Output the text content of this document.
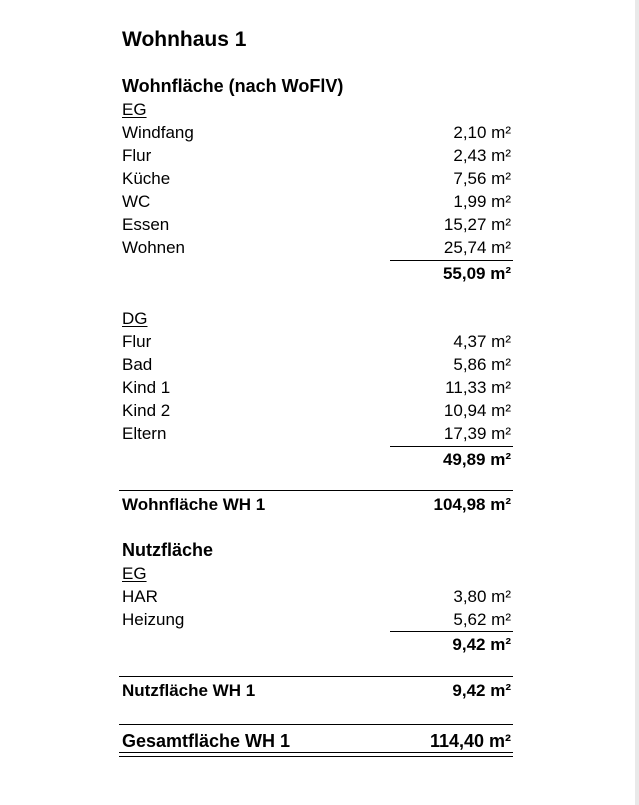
Wohnhaus 1
Wohnfläche (nach WoFlV)
EG
Windfang	2,10 m²
Flur	2,43 m²
Küche	7,56 m²
WC	1,99 m²
Essen	15,27 m²
Wohnen	25,74 m²
55,09 m²
DG
Flur	4,37 m²
Bad	5,86 m²
Kind 1	11,33 m²
Kind 2	10,94 m²
Eltern	17,39 m²
49,89 m²
Wohnfläche WH 1	104,98 m²
Nutzfläche
EG
HAR	3,80 m²
Heizung	5,62 m²
9,42 m²
Nutzfläche WH 1	9,42 m²
Gesamtfläche WH 1	114,40 m²
